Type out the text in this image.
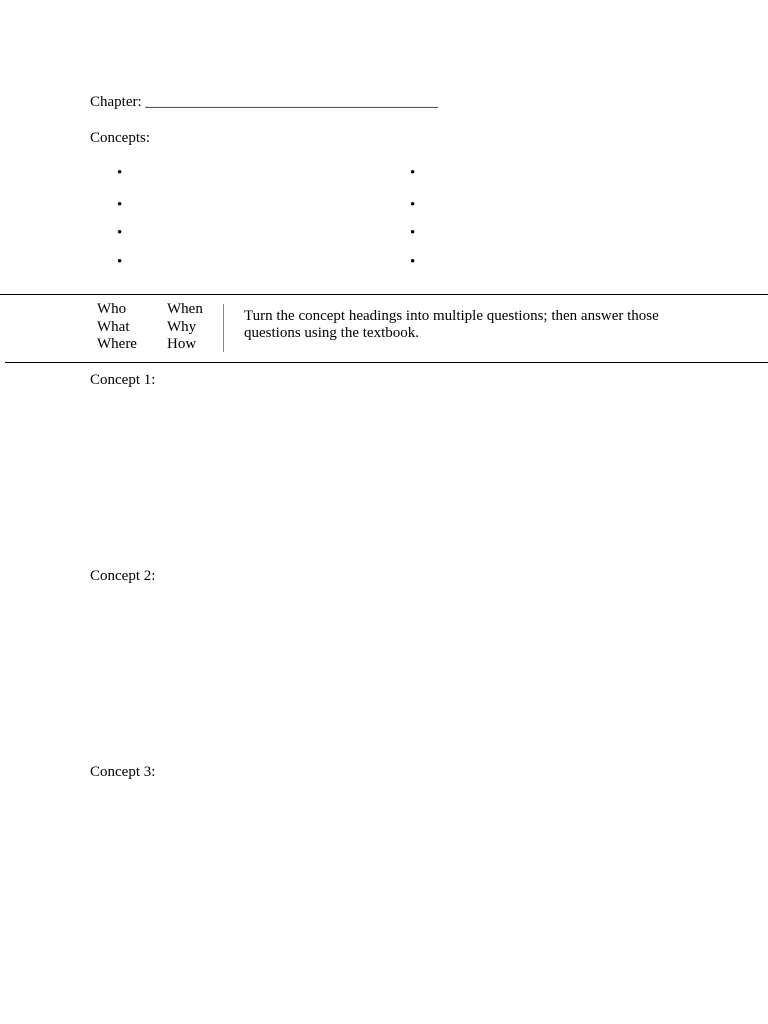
Chapter: _______________________________________
Concepts:
•
•
•
•
•
•
•
•
Who
What
Where
When
Why
How
Turn the concept headings into multiple questions; then answer those questions using the textbook.
Concept 1:
Concept 2:
Concept 3:
